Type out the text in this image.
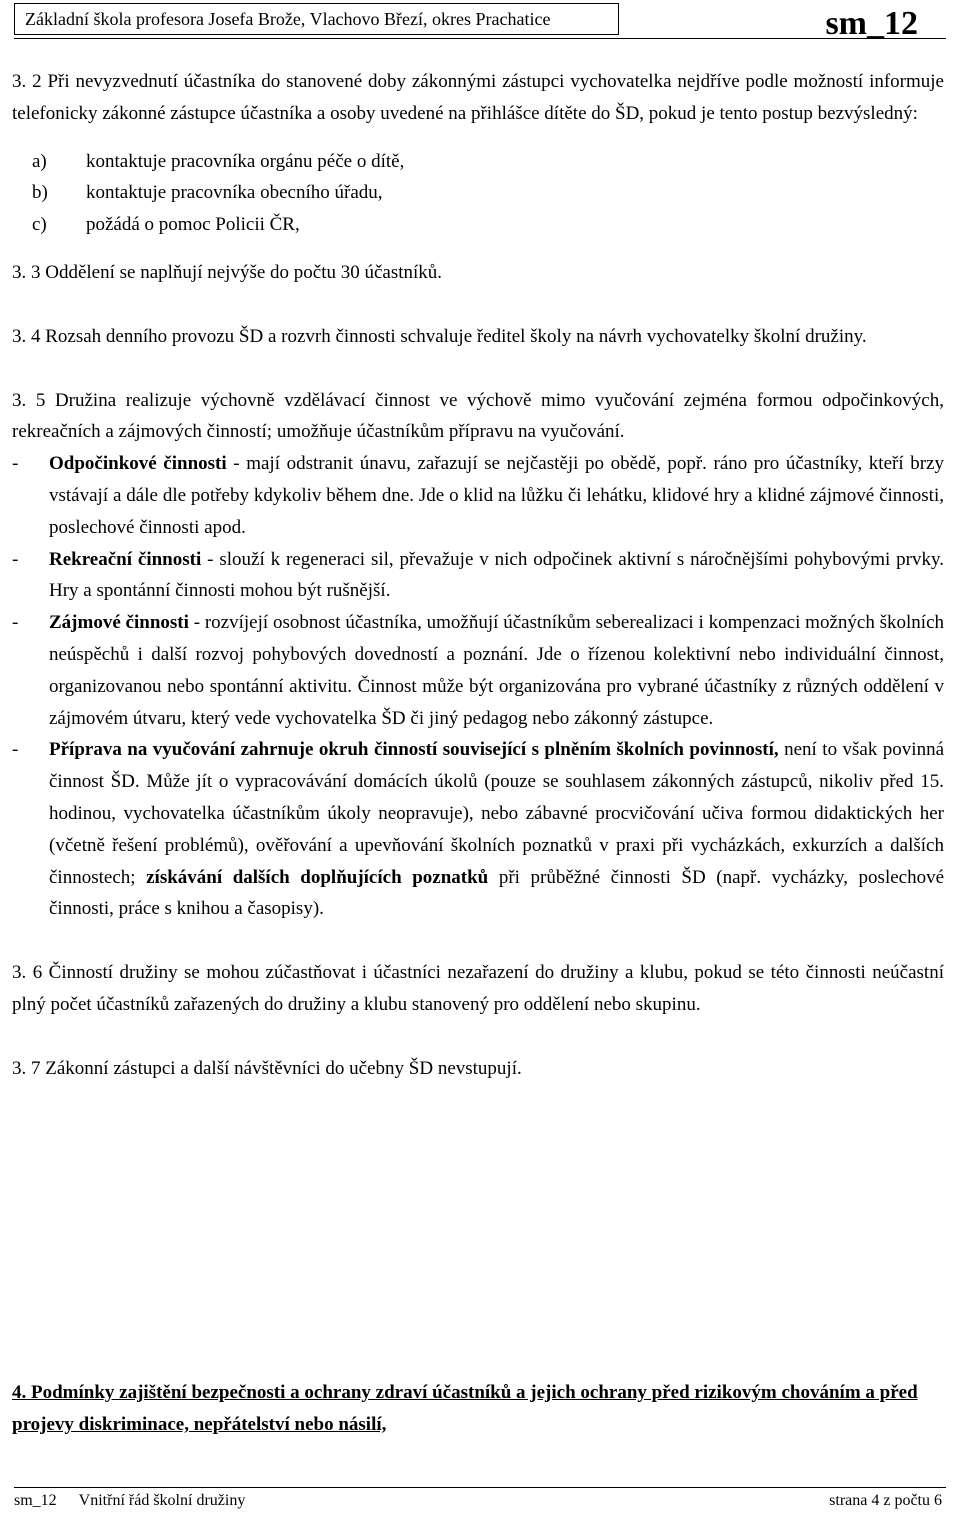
Základní škola profesora Josefa Brože, Vlachovo Březí, okres Prachatice	sm_12

3. 2 Při nevyzvednutí účastníka do stanovené doby zákonnými zástupci vychovatelka nejdříve podle možností informuje telefonicky zákonné zástupce účastníka a osoby uvedené na přihlášce dítěte do ŠD, pokud je tento postup bezvýsledný:

a)	kontaktuje pracovníka orgánu péče o dítě,
b)	kontaktuje pracovníka obecního úřadu,
c)	požádá o pomoc Policii ČR,

3. 3 Oddělení se naplňují nejvýše do počtu 30 účastníků.

3. 4 Rozsah denního provozu ŠD a rozvrh činnosti schvaluje ředitel školy na návrh vychovatelky školní družiny.

3. 5 Družina realizuje výchovně vzdělávací činnost ve výchově mimo vyučování zejména formou odpočinkových, rekreačních a zájmových činností; umožňuje účastníkům přípravu na vyučování.

-	Odpočinkové činnosti - mají odstranit únavu, zařazují se nejčastěji po obědě, popř. ráno pro účastníky, kteří brzy vstávají a dále dle potřeby kdykoliv během dne. Jde o klid na lůžku či lehátku, klidové hry a klidné zájmové činnosti, poslechové činnosti apod.
-	Rekreační činnosti - slouží k regeneraci sil, převažuje v nich odpočinek aktivní s náročnějšími pohybovými prvky. Hry a spontánní činnosti mohou být rušnější.
-	Zájmové činnosti - rozvíjejí osobnost účastníka, umožňují účastníkům seberealizaci i kompenzaci možných školních neúspěchů i další rozvoj pohybových dovedností a poznání. Jde o řízenou kolektivní nebo individuální činnost, organizovanou nebo spontánní aktivitu. Činnost může být organizována pro vybrané účastníky z různých oddělení v zájmovém útvaru, který vede vychovatelka ŠD či jiný pedagog nebo zákonný zástupce.
-	Příprava na vyučování zahrnuje okruh činností související s plněním školních povinností, není to však povinná činnost ŠD. Může jít o vypracovávání domácích úkolů (pouze se souhlasem zákonných zástupců, nikoliv před 15. hodinou, vychovatelka účastníkům úkoly neopravuje), nebo zábavné procvičování učiva formou didaktických her (včetně řešení problémů), ověřování a upevňování školních poznatků v praxi při vycházkách, exkurzích a dalších činnostech; získávání dalších doplňujících poznatků při průběžné činnosti ŠD (např. vycházky, poslechové činnosti, práce s knihou a časopisy).

3. 6 Činností družiny se mohou zúčastňovat i účastníci nezařazení do družiny a klubu, pokud se této činnosti neúčastní plný počet účastníků zařazených do družiny a klubu stanovený pro oddělení nebo skupinu.

3. 7 Zákonní zástupci a další návštěvníci do učebny ŠD nevstupují.

4. Podmínky zajištění bezpečnosti a ochrany zdraví účastníků a jejich ochrany před rizikovým chováním a před projevy diskriminace, nepřátelství nebo násilí,
sm_12 Vnitřní řád školní družiny	strana 4 z počtu 6
